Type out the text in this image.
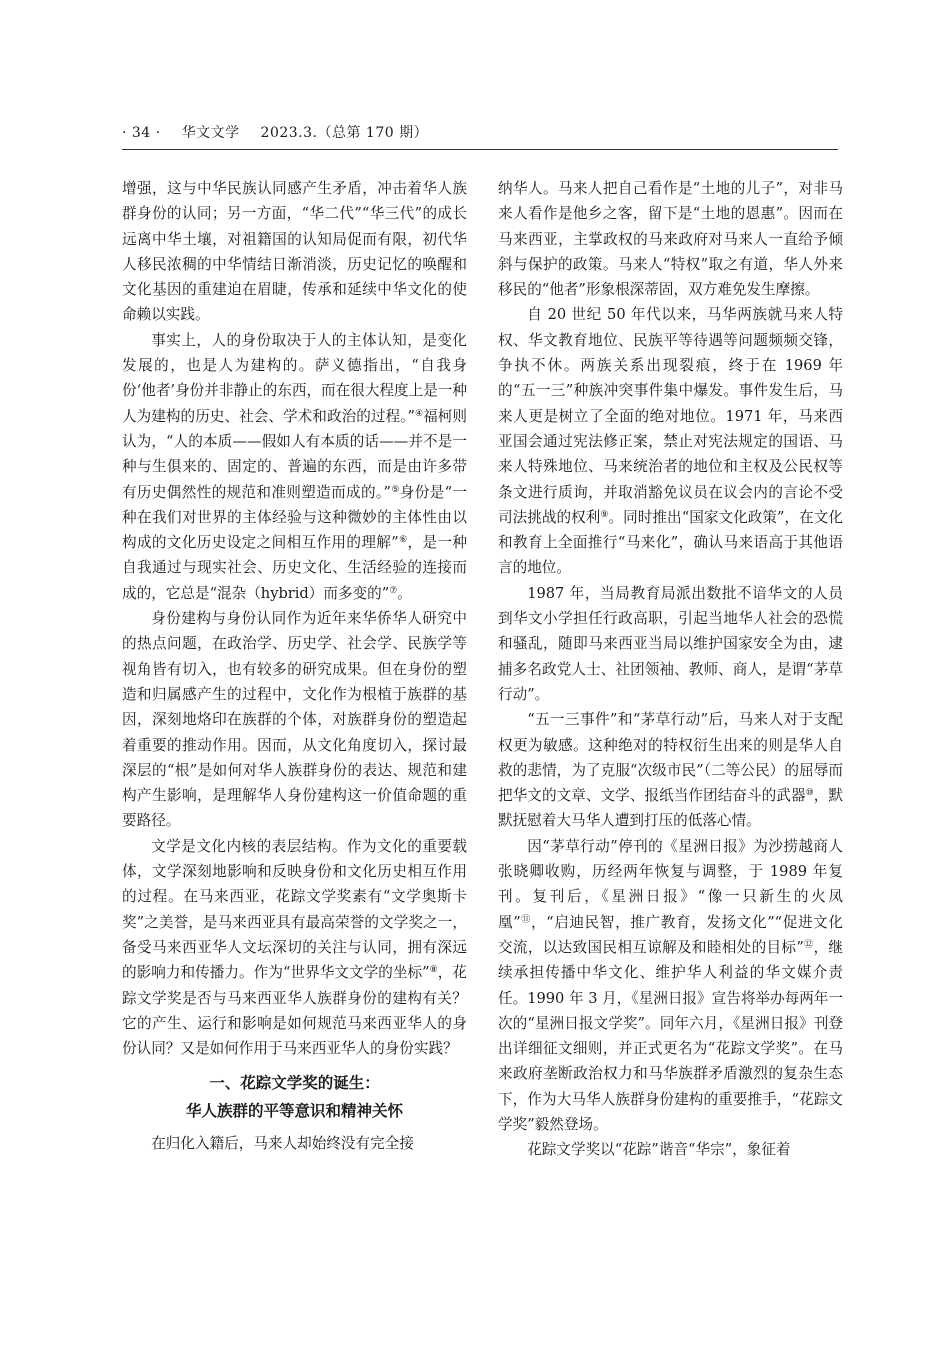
· 34 · 华文文学 2023.3.（总第 170 期）

增强，这与中华民族认同感产生矛盾，冲击着华人族群身份的认同；另一方面，“华二代”“华三代”的成长远离中华土壤，对祖籍国的认知局促而有限，初代华人移民浓稠的中华情结日渐消淡，历史记忆的唤醒和文化基因的重建迫在眉睫，传承和延续中华文化的使命赖以实践。

事实上，人的身份取决于人的主体认知，是变化发展的，也是人为建构的。萨义德指出，“自我身份‘他者’身份并非静止的东西，而在很大程度上是一种人为建构的历史、社会、学术和政治的过程。”④福柯则认为，“人的本质——假如人有本质的话——并不是一种与生俱来的、固定的、普遍的东西，而是由许多带有历史偶然性的规范和准则塑造而成的。”⑤身份是“一种在我们对世界的主体经验与这种微妙的主体性由以构成的文化历史设定之间相互作用的理解”⑥，是一种自我通过与现实社会、历史文化、生活经验的连接而成的，它总是“混杂（hybrid）而多变的”⑦。

身份建构与身份认同作为近年来华侨华人研究中的热点问题，在政治学、历史学、社会学、民族学等视角皆有切入，也有较多的研究成果。但在身份的塑造和归属感产生的过程中，文化作为根植于族群的基因，深刻地烙印在族群的个体，对族群身份的塑造起着重要的推动作用。因而，从文化角度切入，探讨最深层的“根”是如何对华人族群身份的表达、规范和建构产生影响，是理解华人身份建构这一价值命题的重要路径。

文学是文化内核的表层结构。作为文化的重要载体，文学深刻地影响和反映身份和文化历史相互作用的过程。在马来西亚，花踪文学奖素有“文学奥斯卡奖”之美誉，是马来西亚具有最高荣誉的文学奖之一，备受马来西亚华人文坛深切的关注与认同，拥有深远的影响力和传播力。作为“世界华文文学的坐标”⑧，花踪文学奖是否与马来西亚华人族群身份的建构有关？它的产生、运行和影响是如何规范马来西亚华人的身份认同？又是如何作用于马来西亚华人的身份实践？

一、花踪文学奖的诞生：
华人族群的平等意识和精神关怀

在归化入籍后，马来人却始终没有完全接

纳华人。马来人把自己看作是“土地的儿子”，对非马来人看作是他乡之客，留下是“土地的恩惠”。因而在马来西亚，主掌政权的马来政府对马来人一直给予倾斜与保护的政策。马来人“特权”取之有道，华人外来移民的“他者”形象根深蒂固，双方难免发生摩擦。

自 20 世纪 50 年代以来，马华两族就马来人特权、华文教育地位、民族平等待遇等问题频频交锋，争执不休。两族关系出现裂痕，终于在 1969 年的“五一三”种族冲突事件集中爆发。事件发生后，马来人更是树立了全面的绝对地位。1971 年，马来西亚国会通过宪法修正案，禁止对宪法规定的国语、马来人特殊地位、马来统治者的地位和主权及公民权等条文进行质询，并取消豁免议员在议会内的言论不受司法挑战的权利⑨。同时推出“国家文化政策”，在文化和教育上全面推行“马来化”，确认马来语高于其他语言的地位。

1987 年，当局教育局派出数批不谙华文的人员到华文小学担任行政高职，引起当地华人社会的恐慌和骚乱，随即马来西亚当局以维护国家安全为由，逮捕多名政党人士、社团领袖、教师、商人，是谓“茅草行动”。

“五一三事件”和“茅草行动”后，马来人对于支配权更为敏感。这种绝对的特权衍生出来的则是华人自救的悲情，为了克服“次级市民”（二等公民）的屈辱而把华文的文章、文学、报纸当作团结奋斗的武器⑩，默默抚慰着大马华人遭到打压的低落心情。

因“茅草行动”停刊的《星洲日报》为沙捞越商人张晓卿收购，历经两年恢复与调整，于 1989 年复刊。复刊后，《星洲日报》“像一只新生的火凤凰”⑪，“启迪民智，推广教育，发扬文化”“促进文化交流，以达致国民相互谅解及和睦相处的目标”⑫，继续承担传播中华文化、维护华人利益的华文媒介责任。1990 年 3 月，《星洲日报》宣告将举办每两年一次的“星洲日报文学奖”。同年六月，《星洲日报》刊登出详细征文细则，并正式更名为“花踪文学奖”。在马来政府垄断政治权力和马华族群矛盾激烈的复杂生态下，作为大马华人族群身份建构的重要推手，“花踪文学奖”毅然登场。

花踪文学奖以“花踪”谐音“华宗”，象征着
